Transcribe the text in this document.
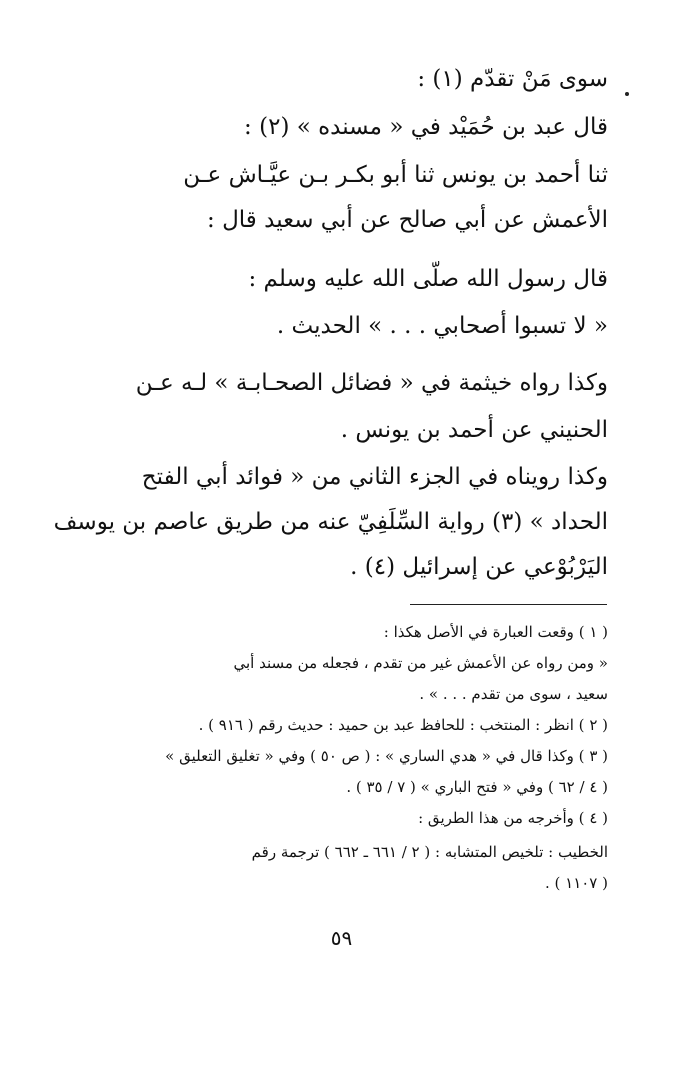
سوى مَنْ تقدّم (١) :
قال عبد بن حُمَيْد في « مسنده » (٢) :
ثنا أحمد بن يونس ثنا أبو بكـر بـن عيَّـاش عـن
الأعمش عن أبي صالح عن أبي سعيد قال :
قال رسول الله صلّى الله عليه وسلم :
« لا تسبوا أصحابي . . . » الحديث .
وكذا رواه خيثمة في « فضائل الصحـابـة » لـه عـن
الحنيني عن أحمد بن يونس .
وكذا رويناه في الجزء الثاني من « فوائد أبي الفتح
الحداد » (٣) رواية السِّلَفِيّ عنه من طريق عاصم بن يوسف
اليَرْبُوْعي عن إسرائيل (٤) .
( ١ ) وقعت العبارة في الأصل هكذا :
« ومن رواه عن الأعمش غير من تقدم ، فجعله من مسند أبي
سعيد ، سوى من تقدم . . . » .
( ٢ ) انظر : المنتخب : للحافظ عبد بن حميد : حديث رقم ( ٩١٦ ) .
( ٣ ) وكذا قال في « هدي الساري » : ( ص ٥٠ ) وفي « تغليق التعليق »
( ٤ / ٦٢ ) وفي « فتح الباري » ( ٧ / ٣٥ ) .
( ٤ ) وأخرجه من هذا الطريق :
الخطيب : تلخيص المتشابه : ( ٢ / ٦٦١ ـ ٦٦٢ ) ترجمة رقم
( ١١٠٧ ) .
٥٩
